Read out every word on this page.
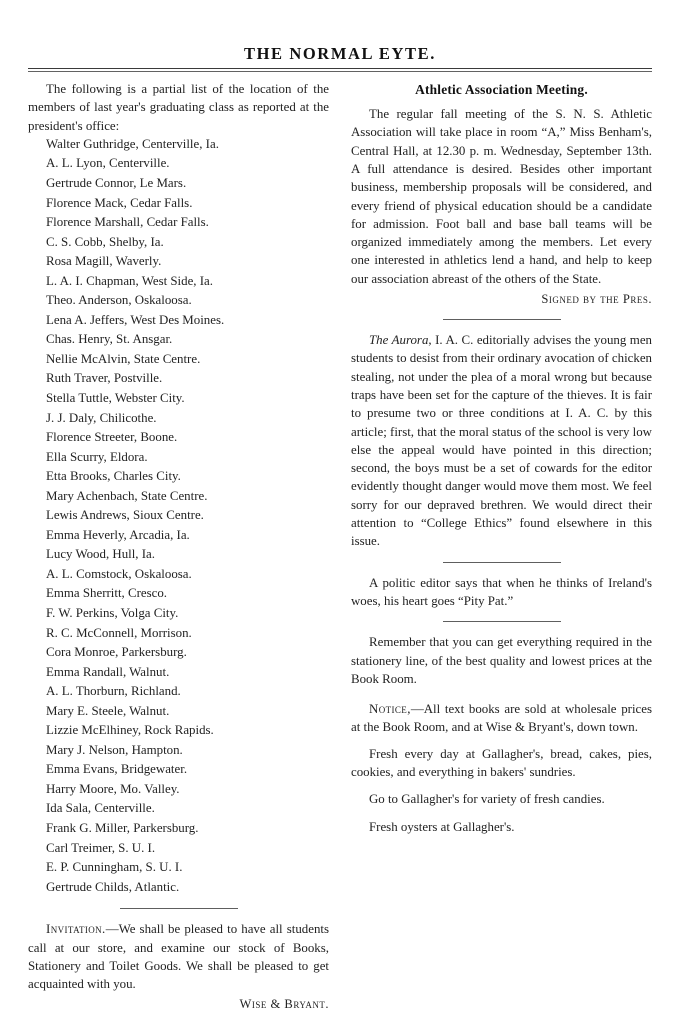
THE NORMAL EYTE.

The following is a partial list of the location of the members of last year's graduating class as reported at the president's office:

Walter Guthridge, Centerville, Ia.
A. L. Lyon, Centerville.
Gertrude Connor, Le Mars.
Florence Mack, Cedar Falls.
Florence Marshall, Cedar Falls.
C. S. Cobb, Shelby, Ia.
Rosa Magill, Waverly.
L. A. I. Chapman, West Side, Ia.
Theo. Anderson, Oskaloosa.
Lena A. Jeffers, West Des Moines.
Chas. Henry, St. Ansgar.
Nellie McAlvin, State Centre.
Ruth Traver, Postville.
Stella Tuttle, Webster City.
J. J. Daly, Chilicothe.
Florence Streeter, Boone.
Ella Scurry, Eldora.
Etta Brooks, Charles City.
Mary Achenbach, State Centre.
Lewis Andrews, Sioux Centre.
Emma Heverly, Arcadia, Ia.
Lucy Wood, Hull, Ia.
A. L. Comstock, Oskaloosa.
Emma Sherritt, Cresco.
F. W. Perkins, Volga City.
R. C. McConnell, Morrison.
Cora Monroe, Parkersburg.
Emma Randall, Walnut.
A. L. Thorburn, Richland.
Mary E. Steele, Walnut.
Lizzie McElhiney, Rock Rapids.
Mary J. Nelson, Hampton.
Emma Evans, Bridgewater.
Harry Moore, Mo. Valley.
Ida Sala, Centerville.
Frank G. Miller, Parkersburg.
Carl Treimer, S. U. I.
E. P. Cunningham, S. U. I.
Gertrude Childs, Atlantic.

Invitation.—We shall be pleased to have all students call at our store, and examine our stock of Books, Stationery and Toilet Goods. We shall be pleased to get acquainted with you.

Wise & Bryant.

Athletic Association Meeting.

The regular fall meeting of the S. N. S. Athletic Association will take place in room “A,” Miss Benham's, Central Hall, at 12.30 p. m. Wednesday, September 13th. A full attendance is desired. Besides other important business, membership proposals will be considered, and every friend of physical education should be a candidate for admission. Foot ball and base ball teams will be organized immediately among the members. Let every one interested in athletics lend a hand, and help to keep our association abreast of the others of the State.

Signed by the Pres.

The Aurora, I. A. C. editorially advises the young men students to desist from their ordinary avocation of chicken stealing, not under the plea of a moral wrong but because traps have been set for the capture of the thieves. It is fair to presume two or three conditions at I. A. C. by this article; first, that the moral status of the school is very low else the appeal would have pointed in this direction; second, the boys must be a set of cowards for the editor evidently thought danger would move them most. We feel sorry for our depraved brethren. We would direct their attention to “College Ethics” found elsewhere in this issue.

A politic editor says that when he thinks of Ireland's woes, his heart goes “Pity Pat.”

Remember that you can get everything required in the stationery line, of the best quality and lowest prices at the Book Room.

Notice,—All text books are sold at wholesale prices at the Book Room, and at Wise & Bryant's, down town.

Fresh every day at Gallagher's, bread, cakes, pies, cookies, and everything in bakers' sundries.

Go to Gallagher's for variety of fresh candies.

Fresh oysters at Gallagher's.
